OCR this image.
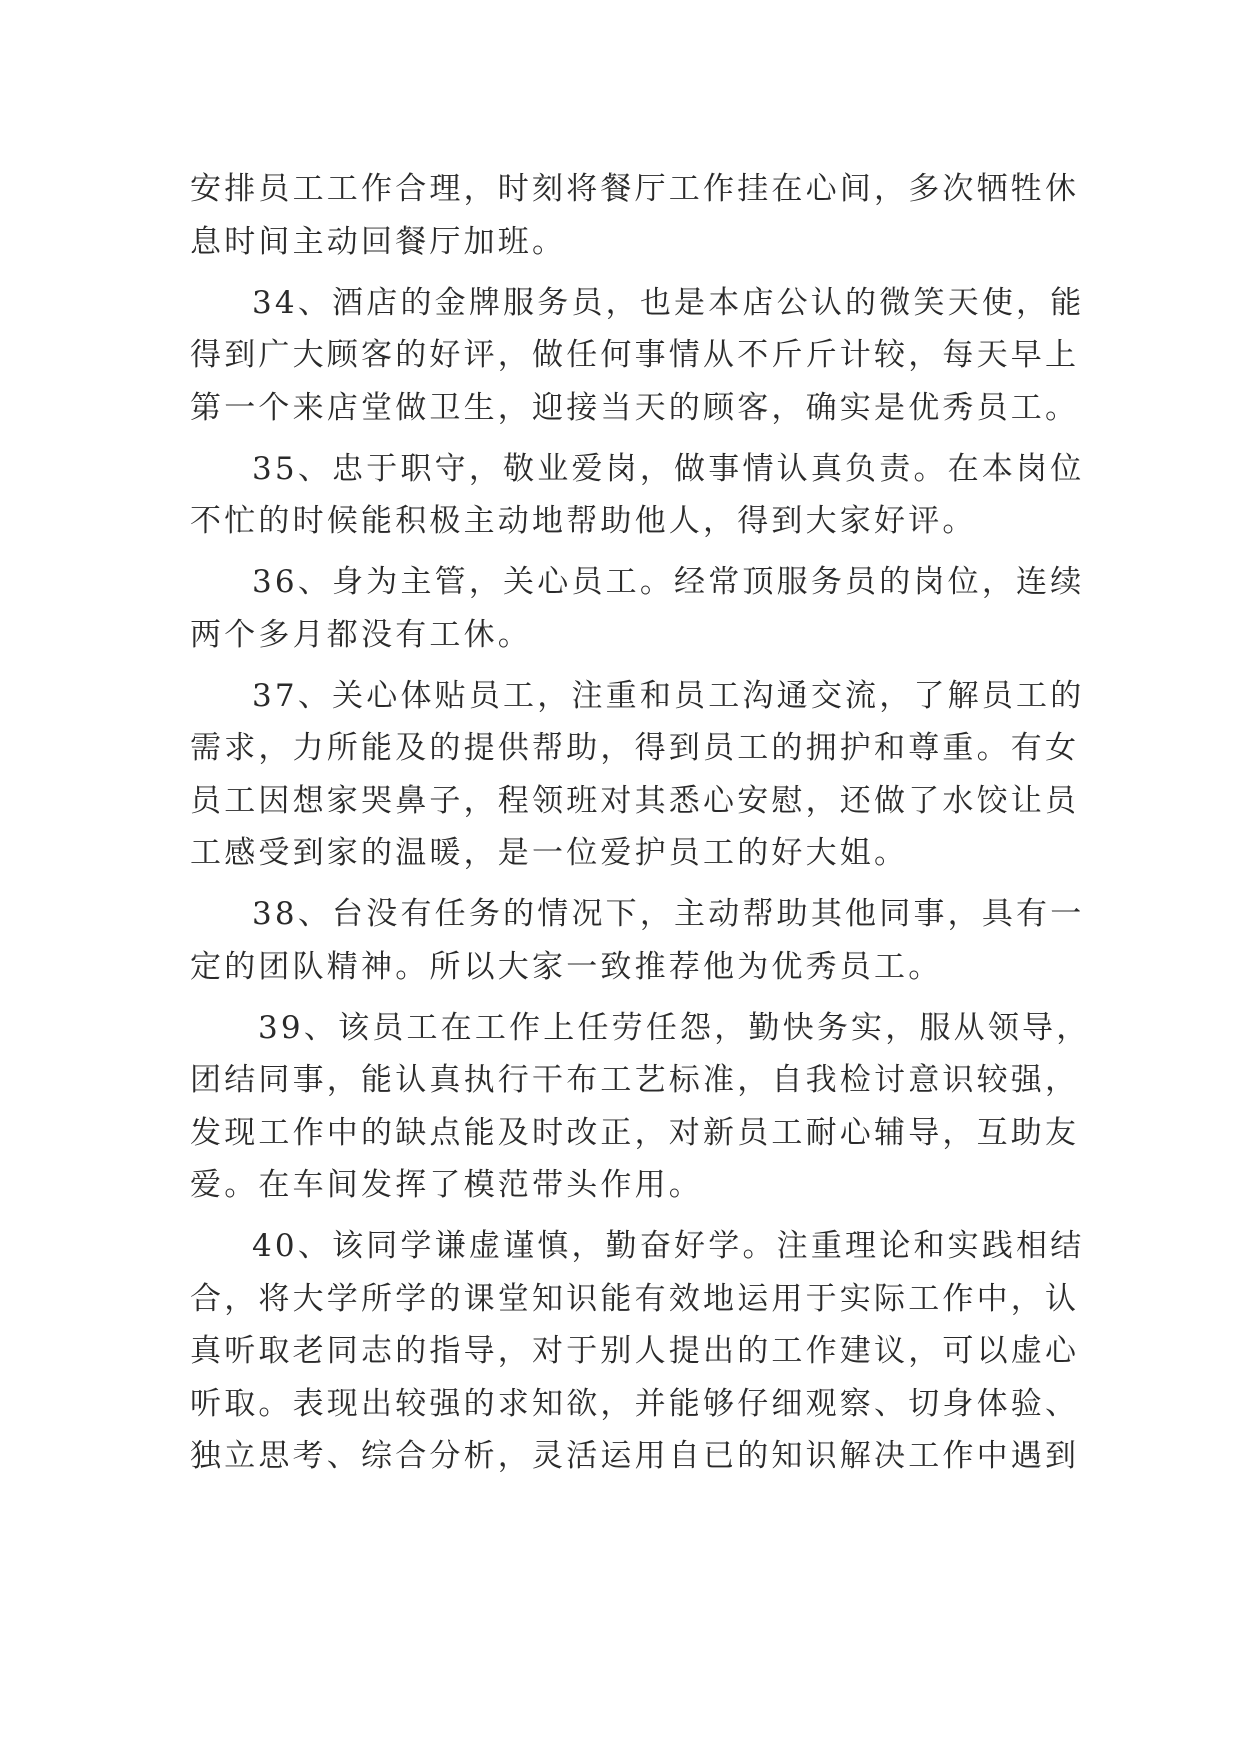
安排员工工作合理，时刻将餐厅工作挂在心间，多次牺牲休
息时间主动回餐厅加班。
34、酒店的金牌服务员，也是本店公认的微笑天使，能
得到广大顾客的好评，做任何事情从不斤斤计较，每天早上
第一个来店堂做卫生，迎接当天的顾客，确实是优秀员工。
35、忠于职守，敬业爱岗，做事情认真负责。在本岗位
不忙的时候能积极主动地帮助他人，得到大家好评。
36、身为主管，关心员工。经常顶服务员的岗位，连续
两个多月都没有工休。
37、关心体贴员工，注重和员工沟通交流，了解员工的
需求，力所能及的提供帮助，得到员工的拥护和尊重。有女
员工因想家哭鼻子，程领班对其悉心安慰，还做了水饺让员
工感受到家的温暖，是一位爱护员工的好大姐。
38、台没有任务的情况下，主动帮助其他同事，具有一
定的团队精神。所以大家一致推荐他为优秀员工。
39、该员工在工作上任劳任怨，勤快务实，服从领导，
团结同事，能认真执行干布工艺标准，自我检讨意识较强，
发现工作中的缺点能及时改正，对新员工耐心辅导，互助友
爱。在车间发挥了模范带头作用。
40、该同学谦虚谨慎，勤奋好学。注重理论和实践相结
合，将大学所学的课堂知识能有效地运用于实际工作中，认
真听取老同志的指导，对于别人提出的工作建议，可以虚心
听取。表现出较强的求知欲，并能够仔细观察、切身体验、
独立思考、综合分析，灵活运用自已的知识解决工作中遇到
